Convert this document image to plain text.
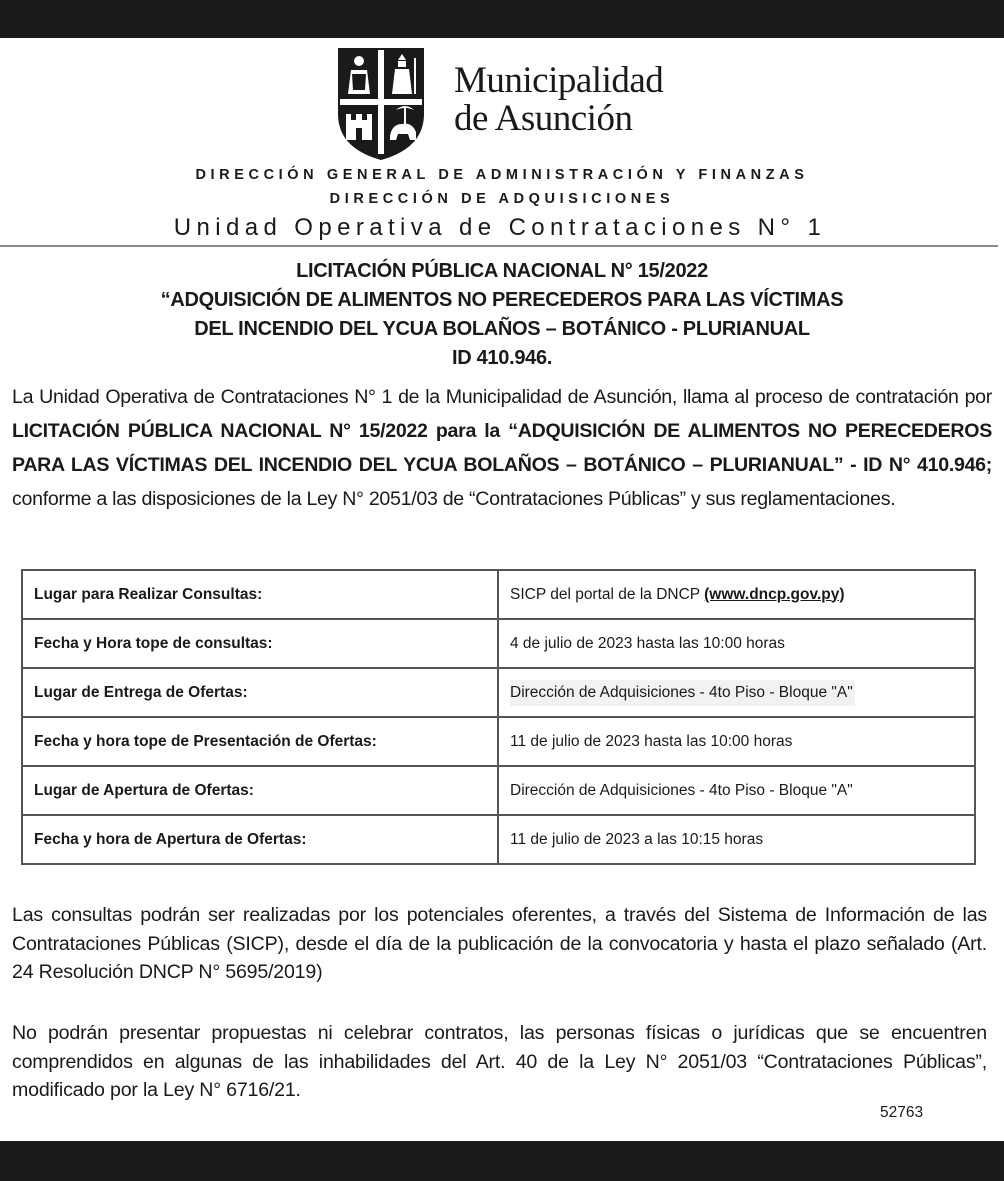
Municipalidad
de Asunción
DIRECCIÓN GENERAL DE ADMINISTRACIÓN Y FINANZAS
DIRECCIÓN DE ADQUISICIONES
Unidad Operativa de Contrataciones N° 1
LICITACIÓN PÚBLICA NACIONAL N° 15/2022
“ADQUISICIÓN DE ALIMENTOS NO PERECEDEROS PARA LAS VÍCTIMAS
DEL INCENDIO DEL YCUA BOLAÑOS – BOTÁNICO - PLURIANUAL
ID 410.946.
La Unidad Operativa de Contrataciones N° 1 de la Municipalidad de Asunción, llama al proceso de contratación por LICITACIÓN PÚBLICA NACIONAL N° 15/2022 para la “ADQUISICIÓN DE ALIMENTOS NO PERECEDEROS PARA LAS VÍCTIMAS DEL INCENDIO DEL YCUA BOLAÑOS – BOTÁNICO – PLURIANUAL” - ID N° 410.946; conforme a las disposiciones de la Ley N° 2051/03 de “Contrataciones Públicas” y sus reglamentaciones.
Lugar para Realizar Consultas:	SICP del portal de la DNCP (www.dncp.gov.py)
Fecha y Hora tope de consultas:	4 de julio de 2023 hasta las 10:00 horas
Lugar de Entrega de Ofertas:	Dirección de Adquisiciones - 4to Piso - Bloque "A"
Fecha y hora tope de Presentación de Ofertas:	11 de julio de 2023 hasta las 10:00 horas
Lugar de Apertura de Ofertas:	Dirección de Adquisiciones - 4to Piso - Bloque "A"
Fecha y hora de Apertura de Ofertas:	11 de julio de 2023 a las 10:15 horas
Las consultas podrán ser realizadas por los potenciales oferentes, a través del Sistema de Información de las Contrataciones Públicas (SICP), desde el día de la publicación de la convocatoria y hasta el plazo señalado (Art. 24 Resolución DNCP N° 5695/2019)
No podrán presentar propuestas ni celebrar contratos, las personas físicas o jurídicas que se encuentren comprendidos en algunas de las inhabilidades del Art. 40 de la Ley N° 2051/03 “Contrataciones Públicas”, modificado por la Ley N° 6716/21.
52763
